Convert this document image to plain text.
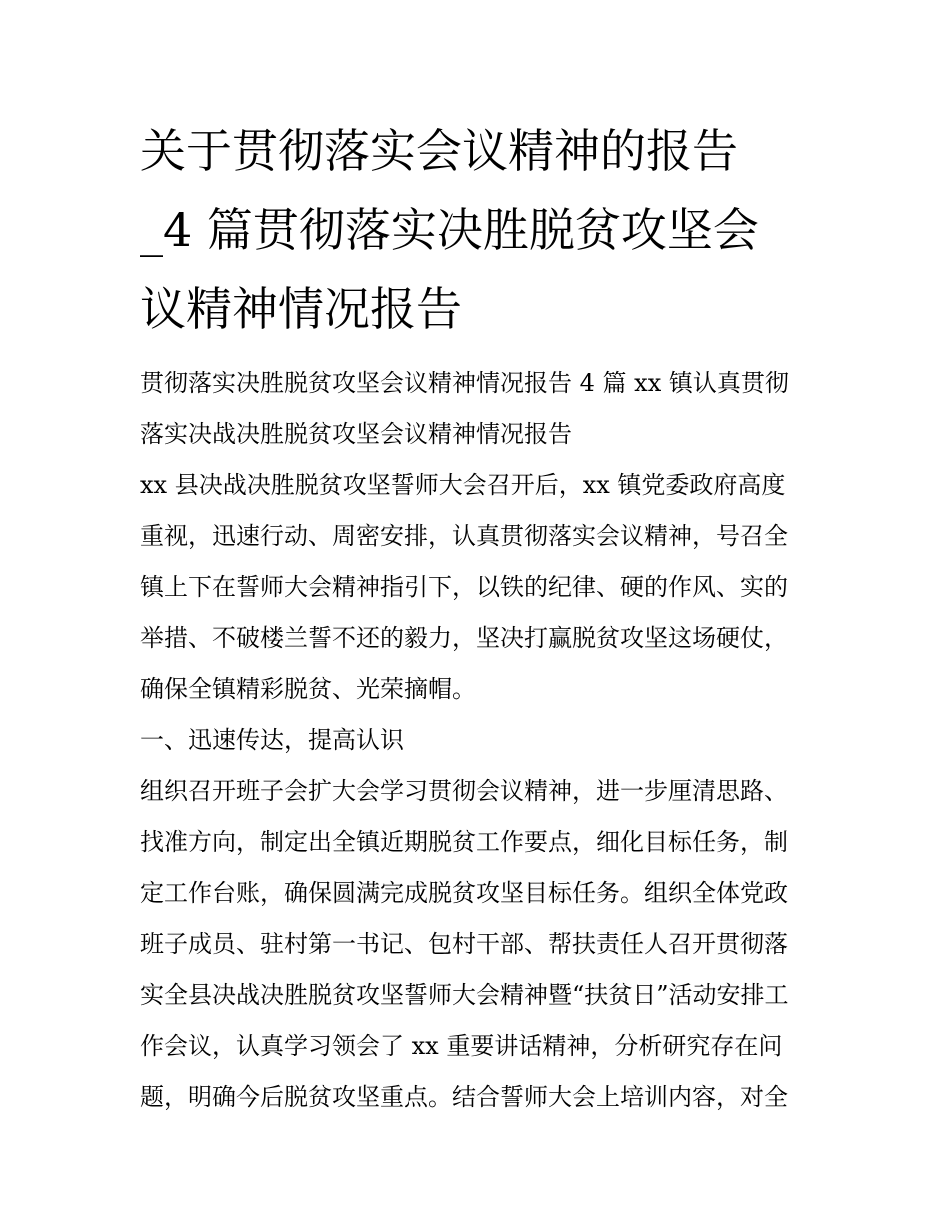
关于贯彻落实会议精神的报告
_4 篇贯彻落实决胜脱贫攻坚会
议精神情况报告
贯彻落实决胜脱贫攻坚会议精神情况报告 4 篇 xx 镇认真贯彻
落实决战决胜脱贫攻坚会议精神情况报告
xx 县决战决胜脱贫攻坚誓师大会召开后，xx 镇党委政府高度
重视，迅速行动、周密安排，认真贯彻落实会议精神，号召全
镇上下在誓师大会精神指引下，以铁的纪律、硬的作风、实的
举措、不破楼兰誓不还的毅力，坚决打赢脱贫攻坚这场硬仗，
确保全镇精彩脱贫、光荣摘帽。
一、迅速传达，提高认识
组织召开班子会扩大会学习贯彻会议精神，进一步厘清思路、
找准方向，制定出全镇近期脱贫工作要点，细化目标任务，制
定工作台账，确保圆满完成脱贫攻坚目标任务。组织全体党政
班子成员、驻村第一书记、包村干部、帮扶责任人召开贯彻落
实全县决战决胜脱贫攻坚誓师大会精神暨“扶贫日”活动安排工
作会议，认真学习领会了 xx 重要讲话精神，分析研究存在问
题，明确今后脱贫攻坚重点。结合誓师大会上培训内容，对全
